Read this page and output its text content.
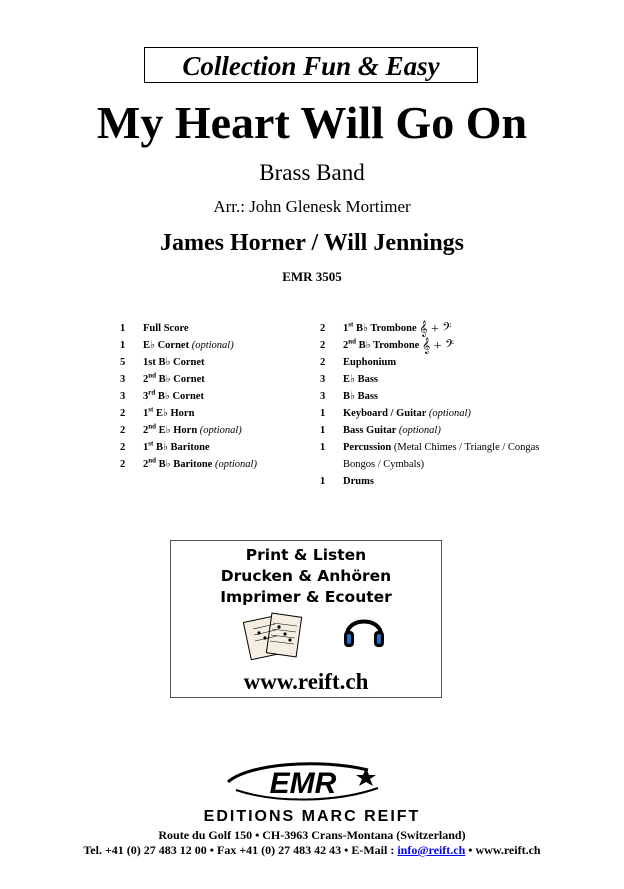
Collection Fun & Easy
My Heart Will Go On
Brass Band
Arr.: John Glenesk Mortimer
James Horner / Will Jennings
EMR 3505
1	Full Score
1	E♭ Cornet (optional)
5	1st B♭ Cornet
3	2nd B♭ Cornet
3	3rd B♭ Cornet
2	1st E♭ Horn
2	2nd E♭ Horn (optional)
2	1st B♭ Baritone
2	2nd B♭ Baritone (optional)
2	1st B♭ Trombone 𝄞 + 𝄢
2	2nd B♭ Trombone 𝄞 + 𝄢
2	Euphonium
3	E♭ Bass
3	B♭ Bass
1	Keyboard / Guitar (optional)
1	Bass Guitar (optional)
1	Percussion (Metal Chimes / Triangle / Congas
Bongos / Cymbals)
1	Drums
Print & Listen
Drucken & Anhören
Imprimer & Ecouter
www.reift.ch
EMR
EDITIONS MARC REIFT
Route du Golf 150 • CH-3963 Crans-Montana (Switzerland)
Tel. +41 (0) 27 483 12 00 • Fax +41 (0) 27 483 42 43 • E-Mail : info@reift.ch • www.reift.ch
